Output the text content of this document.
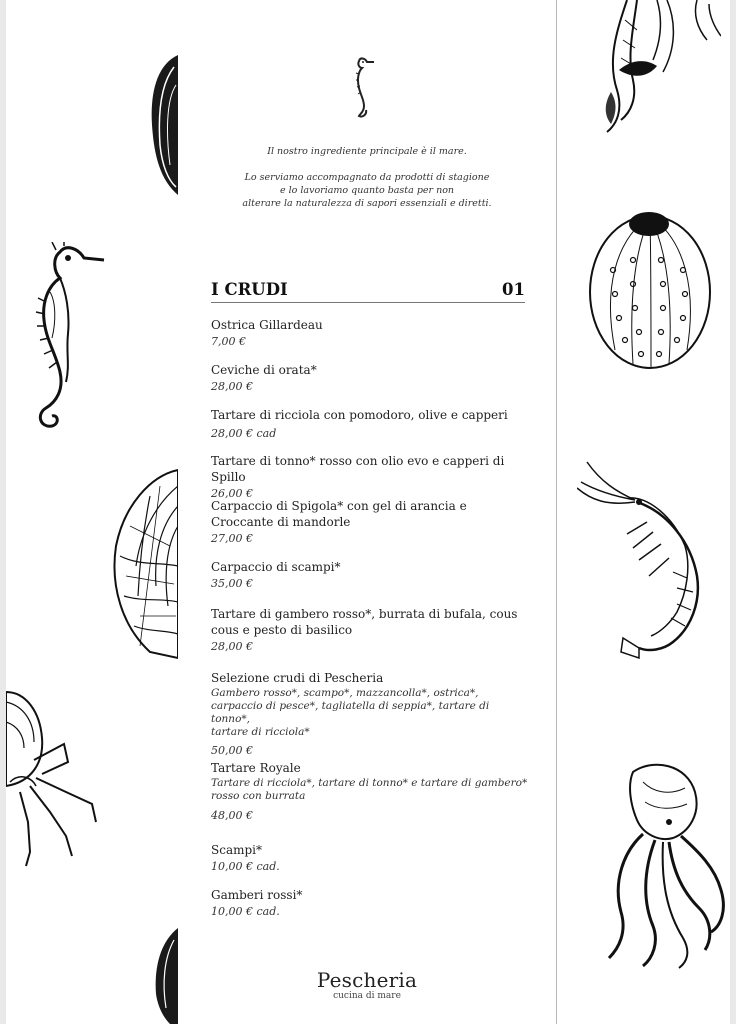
Il nostro ingrediente principale è il mare.

Lo serviamo accompagnato da prodotti di stagione

e lo lavoriamo quanto basta per non

alterare la naturalezza di sapori essenziali e diretti.

I CRUDI	01
Ostrica Gillardeau
7,00 €
Ceviche di orata*
28,00 €
Tartare di ricciola con pomodoro, olive e capperi
28,00 € cad
Tartare di tonno* rosso con olio evo e capperi di Spillo
26,00 €
Carpaccio di Spigola* con gel di arancia e
Croccante di mandorle
27,00 €
Carpaccio di scampi*
35,00 €
Tartare di gambero rosso*, burrata di bufala, cous
cous e pesto di basilico
28,00 €
Selezione crudi di Pescheria
Gambero rosso*, scampo*, mazzancolla*, ostrica*,
carpaccio di pesce*, tagliatella di seppia*, tartare di tonno*,
tartare di ricciola*
50,00 €
Tartare Royale
Tartare di ricciola*, tartare di tonno* e tartare di gambero*
rosso con burrata
48,00 €
Scampi*
10,00 € cad.
Gamberi rossi*
10,00 € cad.
Pescheria
cucina di mare
